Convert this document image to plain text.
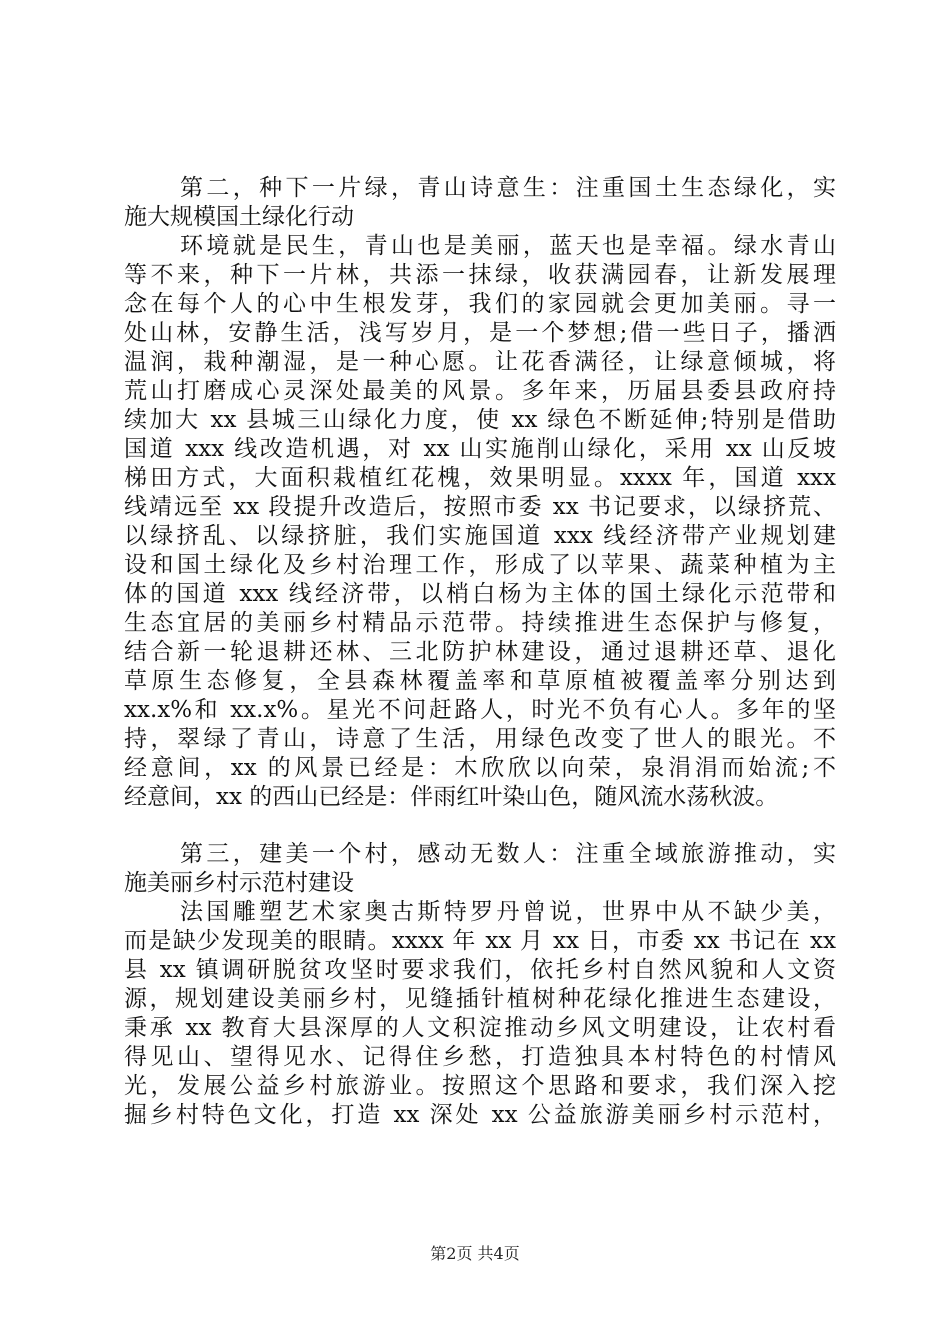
第二，种下一片绿，青山诗意生：注重国土生态绿化，实
施大规模国土绿化行动
环境就是民生，青山也是美丽，蓝天也是幸福。绿水青山
等不来，种下一片林，共添一抹绿，收获满园春，让新发展理
念在每个人的心中生根发芽，我们的家园就会更加美丽。寻一
处山林，安静生活，浅写岁月，是一个梦想;借一些日子，播洒
温润，栽种潮湿，是一种心愿。让花香满径，让绿意倾城，将
荒山打磨成心灵深处最美的风景。多年来，历届县委县政府持
续加大 xx 县城三山绿化力度，使 xx 绿色不断延伸;特别是借助
国道 xxx 线改造机遇，对 xx 山实施削山绿化，采用 xx 山反坡
梯田方式，大面积栽植红花槐，效果明显。xxxx 年，国道 xxx
线靖远至 xx 段提升改造后，按照市委 xx 书记要求，以绿挤荒、
以绿挤乱、以绿挤脏，我们实施国道 xxx 线经济带产业规划建
设和国土绿化及乡村治理工作，形成了以苹果、蔬菜种植为主
体的国道 xxx 线经济带，以梢白杨为主体的国土绿化示范带和
生态宜居的美丽乡村精品示范带。持续推进生态保护与修复，
结合新一轮退耕还林、三北防护林建设，通过退耕还草、退化
草原生态修复，全县森林覆盖率和草原植被覆盖率分别达到
xx.x%和 xx.x%。星光不问赶路人，时光不负有心人。多年的坚
持，翠绿了青山，诗意了生活，用绿色改变了世人的眼光。不
经意间，xx 的风景已经是：木欣欣以向荣，泉涓涓而始流;不
经意间，xx 的西山已经是：伴雨红叶染山色，随风流水荡秋波。
第三，建美一个村，感动无数人：注重全域旅游推动，实
施美丽乡村示范村建设
法国雕塑艺术家奥古斯特罗丹曾说，世界中从不缺少美，
而是缺少发现美的眼睛。xxxx 年 xx 月 xx 日，市委 xx 书记在 xx
县 xx 镇调研脱贫攻坚时要求我们，依托乡村自然风貌和人文资
源，规划建设美丽乡村，见缝插针植树种花绿化推进生态建设，
秉承 xx 教育大县深厚的人文积淀推动乡风文明建设，让农村看
得见山、望得见水、记得住乡愁，打造独具本村特色的村情风
光，发展公益乡村旅游业。按照这个思路和要求，我们深入挖
掘乡村特色文化，打造 xx 深处 xx 公益旅游美丽乡村示范村，
第2页 共4页
